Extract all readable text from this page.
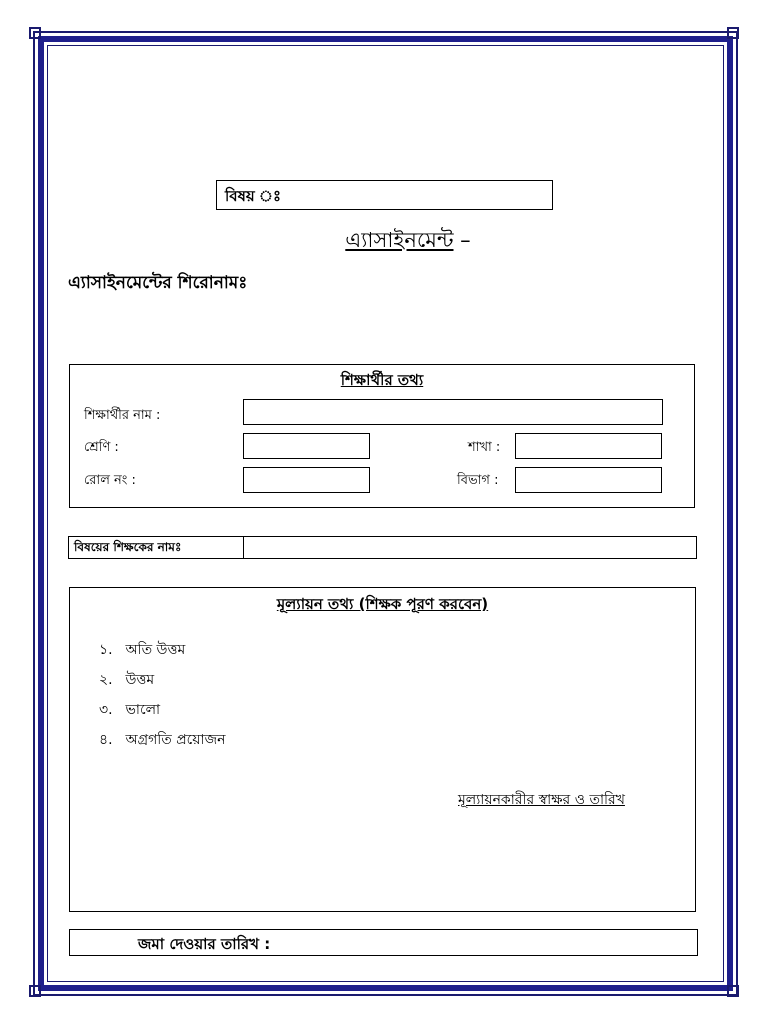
বিষয় ঃ
এ্যাসাইনমেন্ট –
এ্যাসাইনমেন্টের শিরোনামঃ
শিক্ষার্থীর তথ্য
শিক্ষার্থীর নাম :
শ্রেণি :	শাখা :
রোল নং :	বিভাগ :
বিষয়ের শিক্ষকের নামঃ
মূল্যায়ন তথ্য (শিক্ষক পূরণ করবেন)
১. অতি উত্তম
২. উত্তম
৩. ভালো
৪. অগ্রগতি প্রয়োজন
মূল্যায়নকারীর স্বাক্ষর ও তারিখ
জমা দেওয়ার তারিখ :
